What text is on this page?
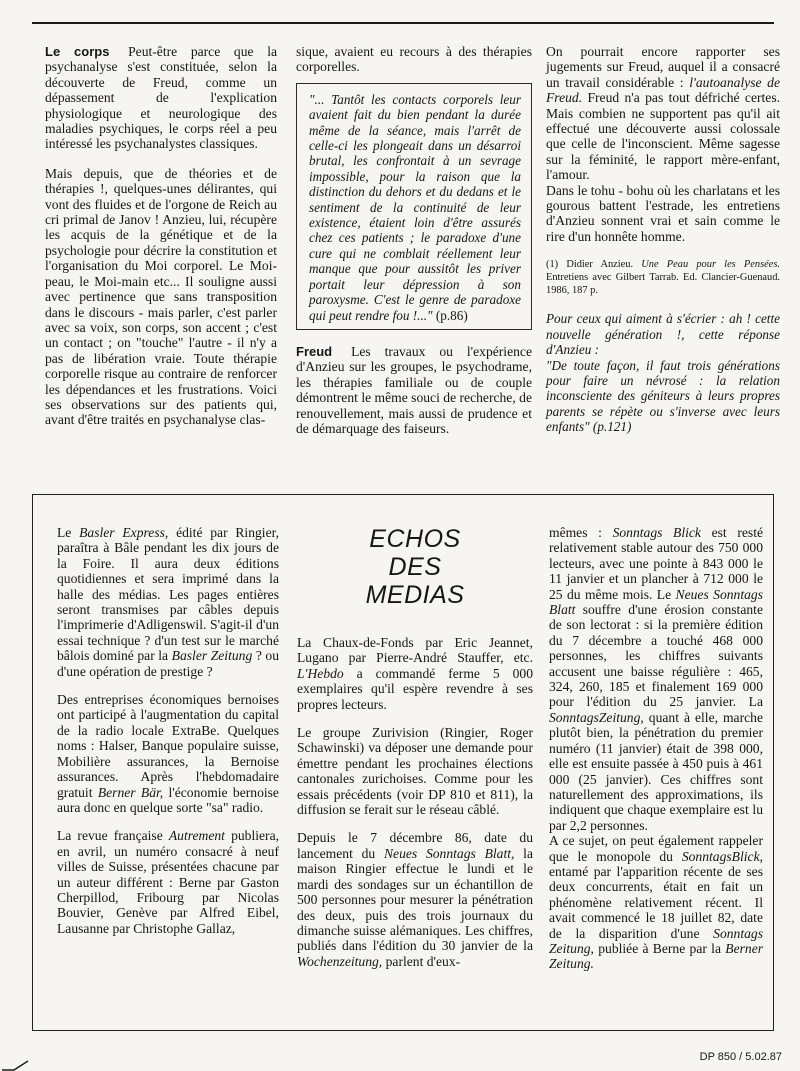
Le corps Peut-être parce que la psychanalyse s'est constituée, selon la découverte de Freud, comme un dépassement de l'explication physiologique et neurologique des maladies psychiques, le corps réel a peu intéressé les psychanalystes classiques.

Mais depuis, que de théories et de thérapies !, quelques-unes délirantes, qui vont des fluides et de l'orgone de Reich au cri primal de Janov ! Anzieu, lui, récupère les acquis de la génétique et de la psychologie pour décrire la constitution et l'organisation du Moi corporel. Le Moi-peau, le Moi-main etc... Il souligne aussi avec pertinence que sans transposition dans le discours - mais parler, c'est parler avec sa voix, son corps, son accent ; c'est un contact ; on "touche" l'autre - il n'y a pas de libération vraie. Toute thérapie corporelle risque au contraire de renforcer les dépendances et les frustrations. Voici ses observations sur des patients qui, avant d'être traités en psychanalyse clas-

sique, avaient eu recours à des thérapies corporelles.

"... Tantôt les contacts corporels leur avaient fait du bien pendant la durée même de la séance, mais l'arrêt de celle-ci les plongeait dans un désarroi brutal, les confrontait à un sevrage impossible, pour la raison que la distinction du dehors et du dedans et le sentiment de la continuité de leur existence, étaient loin d'être assurés chez ces patients ; le paradoxe d'une cure qui ne comblait réellement leur manque que pour aussitôt les priver portait leur dépression à son paroxysme. C'est le genre de paradoxe qui peut rendre fou !..." (p.86)

Freud Les travaux ou l'expérience d'Anzieu sur les groupes, le psychodrame, les thérapies familiale ou de couple démontrent le même souci de recherche, de renouvellement, mais aussi de prudence et de démarquage des faiseurs.

On pourrait encore rapporter ses jugements sur Freud, auquel il a consacré un travail considérable : l'autoanalyse de Freud. Freud n'a pas tout défriché certes. Mais combien ne supportent pas qu'il ait effectué une découverte aussi colossale que celle de l'inconscient. Même sagesse sur la féminité, le rapport mère-enfant, l'amour.

Dans le tohu - bohu où les charlatans et les gourous battent l'estrade, les entretiens d'Anzieu sonnent vrai et sain comme le rire d'un honnête homme.

(1) Didier Anzieu. Une Peau pour les Pensées. Entretiens avec Gilbert Tarrab. Ed. Clancier-Guenaud. 1986, 187 p.

Pour ceux qui aiment à s'écrier : ah ! cette nouvelle génération !, cette réponse d'Anzieu :

"De toute façon, il faut trois générations pour faire un névrosé : la relation inconsciente des géniteurs à leurs propres parents se répète ou s'inverse avec leurs enfants" (p.121)

Le Basler Express, édité par Ringier, paraîtra à Bâle pendant les dix jours de la Foire. Il aura deux éditions quotidiennes et sera imprimé dans la halle des médias. Les pages entières seront transmises par câbles depuis l'imprimerie d'Adligenswil. S'agit-il d'un essai technique ? d'un test sur le marché bâlois dominé par la Basler Zeitung ? ou d'une opération de prestige ?

Des entreprises économiques bernoises ont participé à l'augmentation du capital de la radio locale ExtraBe. Quelques noms : Halser, Banque populaire suisse, Mobilière assurances, la Bernoise assurances. Après l'hebdomadaire gratuit Berner Bär, l'économie bernoise aura donc en quelque sorte "sa" radio.

La revue française Autrement publiera, en avril, un numéro consacré à neuf villes de Suisse, présentées chacune par un auteur différent : Berne par Gaston Cherpillod, Fribourg par Nicolas Bouvier, Genève par Alfred Eibel, Lausanne par Christophe Gallaz,

ECHOS
DES
MEDIAS

La Chaux-de-Fonds par Eric Jeannet, Lugano par Pierre-André Stauffer, etc. L'Hebdo a commandé ferme 5 000 exemplaires qu'il espère revendre à ses propres lecteurs.

Le groupe Zurivision (Ringier, Roger Schawinski) va déposer une demande pour émettre pendant les prochaines élections cantonales zurichoises. Comme pour les essais précédents (voir DP 810 et 811), la diffusion se ferait sur le réseau câblé.

Depuis le 7 décembre 86, date du lancement du Neues Sonntags Blatt, la maison Ringier effectue le lundi et le mardi des sondages sur un échantillon de 500 personnes pour mesurer la pénétration des deux, puis des trois journaux du dimanche suisse alémaniques. Les chiffres, publiés dans l'édition du 30 janvier de la Wochenzeitung, parlent d'eux-

mêmes : Sonntags Blick est resté relativement stable autour des 750 000 lecteurs, avec une pointe à 843 000 le 11 janvier et un plancher à 712 000 le 25 du même mois. Le Neues Sonntags Blatt souffre d'une érosion constante de son lectorat : si la première édition du 7 décembre a touché 468 000 personnes, les chiffres suivants accusent une baisse régulière : 465, 324, 260, 185 et finalement 169 000 pour l'édition du 25 janvier. La SonntagsZeitung, quant à elle, marche plutôt bien, la pénétration du premier numéro (11 janvier) était de 398 000, elle est ensuite passée à 450 puis à 461 000 (25 janvier). Ces chiffres sont naturellement des approximations, ils indiquent que chaque exemplaire est lu par 2,2 personnes.

A ce sujet, on peut également rappeler que le monopole du SonntagsBlick, entamé par l'apparition récente de ses deux concurrents, était en fait un phénomène relativement récent. Il avait commencé le 18 juillet 82, date de la disparition d'une Sonntags Zeitung, publiée à Berne par la Berner Zeitung.

DP 850 / 5.02.87
